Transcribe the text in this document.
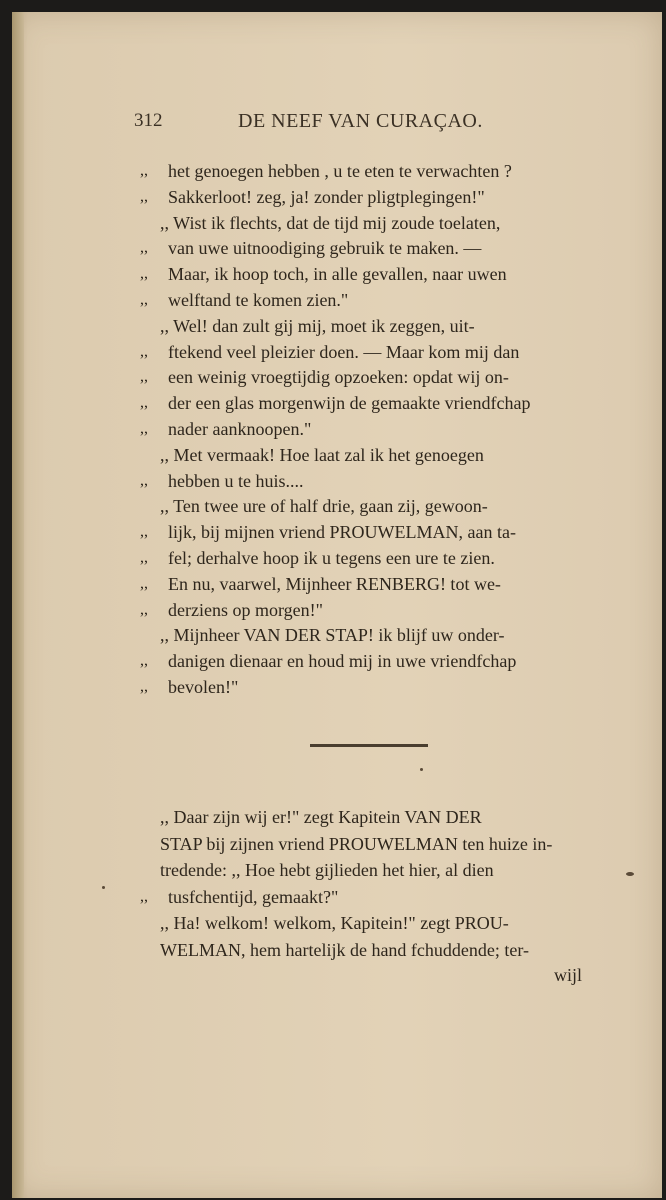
312	DE NEEF VAN CURAÇAO.
,, het genoegen hebben , u te eten te verwachten ?
,, Sakkerloot! zeg, ja! zonder pligtplegingen!"
,, Wist ik flechts, dat de tijd mij zoude toelaten,
,, van uwe uitnoodiging gebruik te maken. —
,, Maar, ik hoop toch, in alle gevallen, naar uwen
,, welftand te komen zien."
,, Wel! dan zult gij mij, moet ik zeggen, uit-
,, ftekend veel pleizier doen. — Maar kom mij dan
,, een weinig vroegtijdig opzoeken: opdat wij on-
,, der een glas morgenwijn de gemaakte vriendfchap
,, nader aanknoopen."
,, Met vermaak! Hoe laat zal ik het genoegen
,, hebben u te huis....
,, Ten twee ure of half drie, gaan zij, gewoon-
,, lijk, bij mijnen vriend PROUWELMAN, aan ta-
,, fel; derhalve hoop ik u tegens een ure te zien.
,, En nu, vaarwel, Mijnheer RENBERG! tot we-
,, derziens op morgen!"
,, Mijnheer VAN DER STAP! ik blijf uw onder-
,, danigen dienaar en houd mij in uwe vriendfchap
,, bevolen!"
,, Daar zijn wij er!" zegt Kapitein VAN DER
STAP bij zijnen vriend PROUWELMAN ten huize in-
tredende: ,, Hoe hebt gijlieden het hier, al dien
,, tusfchentijd, gemaakt?"
,, Ha! welkom! welkom, Kapitein!" zegt PROU-
WELMAN, hem hartelijk de hand fchuddende; ter-
wijl
